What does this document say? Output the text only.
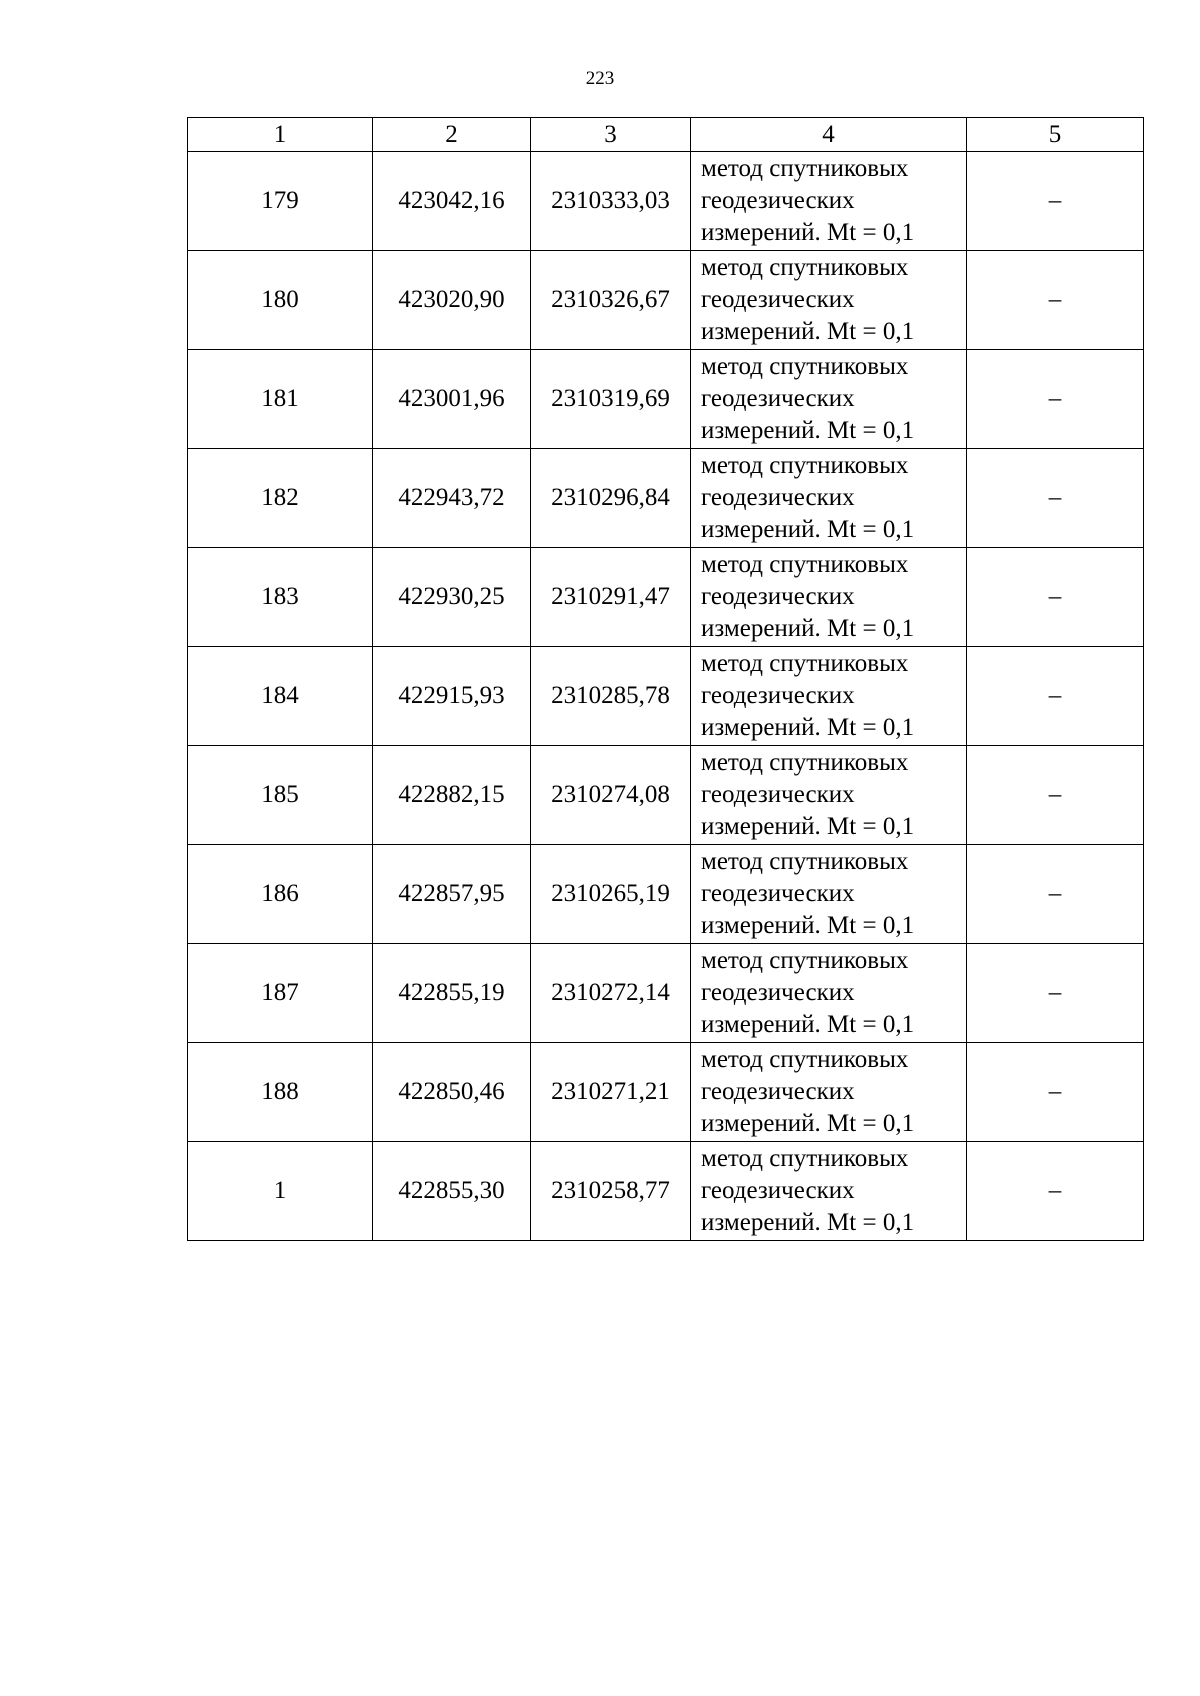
223
1	2	3	4	5
179	423042,16	2310333,03	метод спутниковых
геодезических
измерений. Mt = 0,1	–
180	423020,90	2310326,67	метод спутниковых
геодезических
измерений. Mt = 0,1	–
181	423001,96	2310319,69	метод спутниковых
геодезических
измерений. Mt = 0,1	–
182	422943,72	2310296,84	метод спутниковых
геодезических
измерений. Mt = 0,1	–
183	422930,25	2310291,47	метод спутниковых
геодезических
измерений. Mt = 0,1	–
184	422915,93	2310285,78	метод спутниковых
геодезических
измерений. Mt = 0,1	–
185	422882,15	2310274,08	метод спутниковых
геодезических
измерений. Mt = 0,1	–
186	422857,95	2310265,19	метод спутниковых
геодезических
измерений. Mt = 0,1	–
187	422855,19	2310272,14	метод спутниковых
геодезических
измерений. Mt = 0,1	–
188	422850,46	2310271,21	метод спутниковых
геодезических
измерений. Mt = 0,1	–
1	422855,30	2310258,77	метод спутниковых
геодезических
измерений. Mt = 0,1	–
